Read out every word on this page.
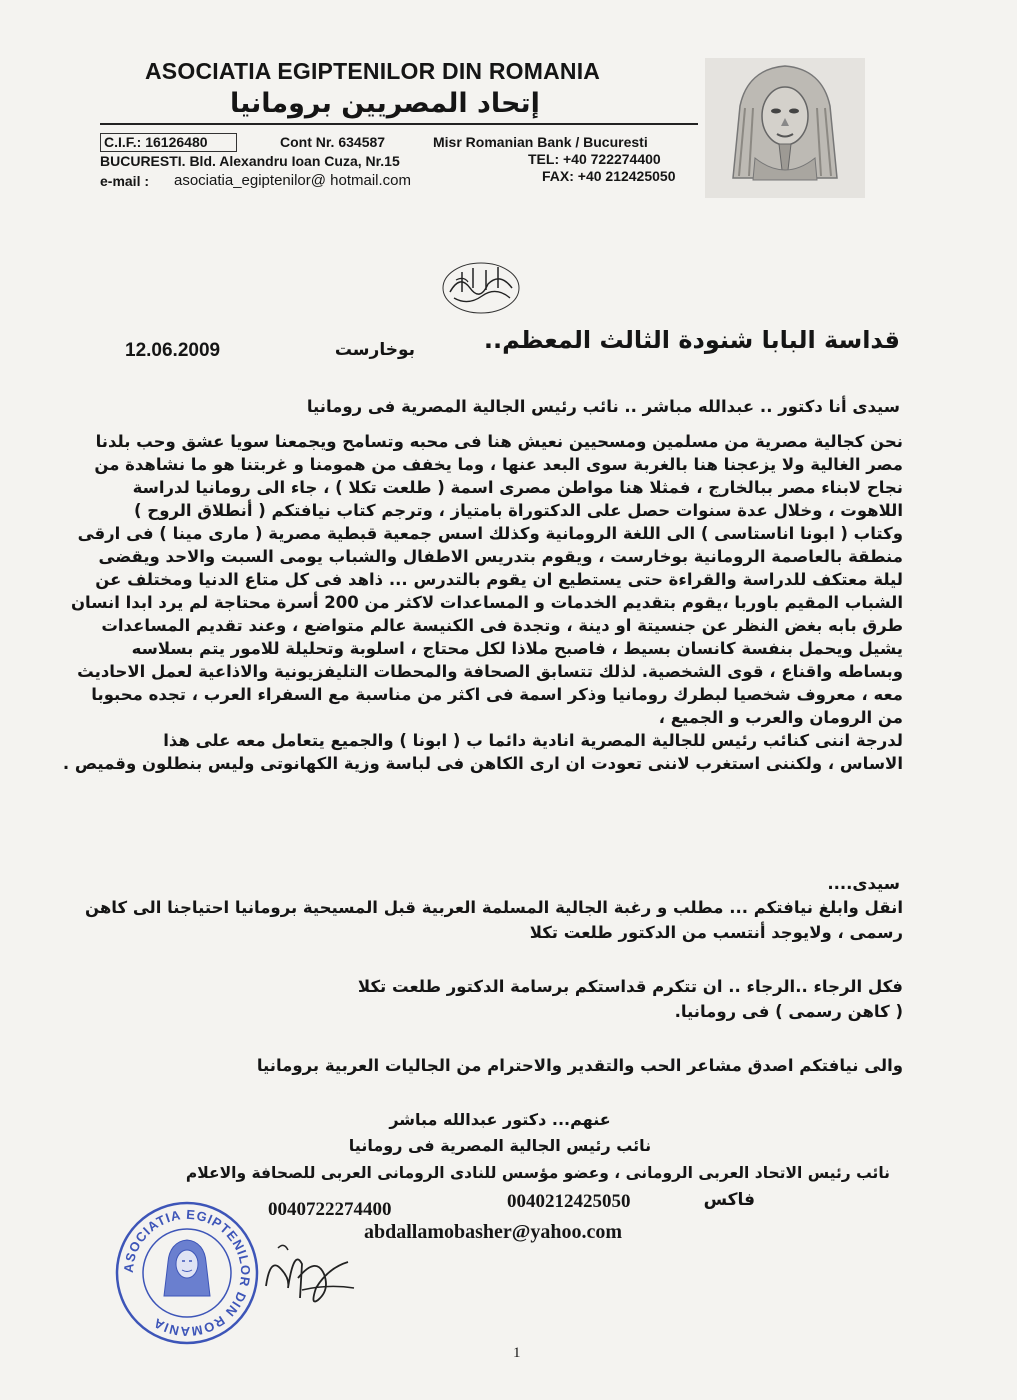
ASOCIATIA EGIPTENILOR DIN ROMANIA
إتحاد المصريين برومانيا
C.I.F.: 16126480	Cont Nr. 634587	Misr Romanian Bank / Bucuresti
BUCURESTI. Bld. Alexandru Ioan Cuza, Nr.15	TEL: +40 722274400
e-mail : asociatia_egiptenilor@ hotmail.com	FAX: +40 212425050
قداسة البابا شنودة الثالث المعظم..
بوخارست
12.06.2009
سيدى أنا دكتور .. عبدالله مباشر .. نائب رئيس الجالية المصرية فى رومانيا
نحن كجالية مصرية من مسلمين ومسحيين نعيش هنا فى محبه وتسامح ويجمعنا سويا عشق وحب بلدنا
مصر الغالية ولا يزعجنا هنا بالغربة سوى البعد عنها ، وما يخفف من همومنا و غربتنا هو ما نشاهدة من
نجاح لابناء مصر ببالخارج ، فمثلا هنا مواطن مصرى اسمة ( طلعت تكلا ) ، جاء الى رومانيا لدراسة
اللاهوت ، وخلال عدة سنوات حصل على الدكتوراة بامتياز ، وترجم كتاب نيافتكم ( أنطلاق الروح )
وكتاب ( ابونا اناستاسى ) الى اللغة الرومانية وكذلك اسس جمعية قبطية مصرية ( مارى مينا ) فى ارقى
منطقة بالعاصمة الرومانية بوخارست ، ويقوم بتدريس الاطفال والشباب يومى السبت والاحد ويقضى
ليلة معتكف للدراسة والقراءة حتى يستطيع ان يقوم بالتدرس ... ذاهد فى كل متاع الدنيا ومختلف عن
الشباب المقيم باوربا ،يقوم بتقديم الخدمات و المساعدات لاكثر من 200 أسرة محتاجة لم يرد ابدا انسان
طرق بابه بغض النظر عن جنسيتة او دينة ، وتجدة فى الكنيسة عالم متواضع ، وعند تقديم المساعدات
يشيل ويحمل بنفسة كانسان بسيط ، فاصبح ملاذا لكل محتاج ، اسلوبة وتحليلة للامور يتم بسلاسه
وبساطه واقناع ، قوى الشخصية. لذلك تتسابق الصحافة والمحطات التليفزيونية والاذاعية لعمل الاحاديث
معه ، معروف شخصيا لبطرك رومانيا وذكر اسمة فى اكثر من مناسبة مع السفراء العرب ، تجده محبوبا
من الرومان والعرب و الجميع ،
لدرجة اننى كنائب رئيس للجالية المصرية انادية دائما ب ( ابونا ) والجميع يتعامل معه على هذا
الاساس ، ولكننى استغرب لاننى تعودت ان ارى الكاهن فى لباسة وزية الكهانوتى وليس بنطلون وقميص .
سيدى....
انقل وابلغ نيافتكم ... مطلب و رغبة الجالية المسلمة العربية قبل المسيحية برومانيا احتياجنا الى كاهن
رسمى ، ولايوجد أنتسب من الدكتور طلعت تكلا
فكل الرجاء ..الرجاء .. ان تتكرم قداستكم برسامة الدكتور طلعت تكلا
( كاهن رسمى ) فى رومانيا.
والى نيافتكم اصدق مشاعر الحب والتقدير والاحترام من الجاليات العربية برومانيا
عنهم... دكتور عبدالله مباشر
نائب رئيس الجالية المصرية فى رومانيا
نائب رئيس الاتحاد العربى الرومانى ، وعضو مؤسس للنادى الرومانى العربى للصحافة والاعلام
فاكس
0040212425050
0040722274400
abdallamobasher@yahoo.com
ASOCIATIA EGIPTENILOR DIN ROMANIA
1
